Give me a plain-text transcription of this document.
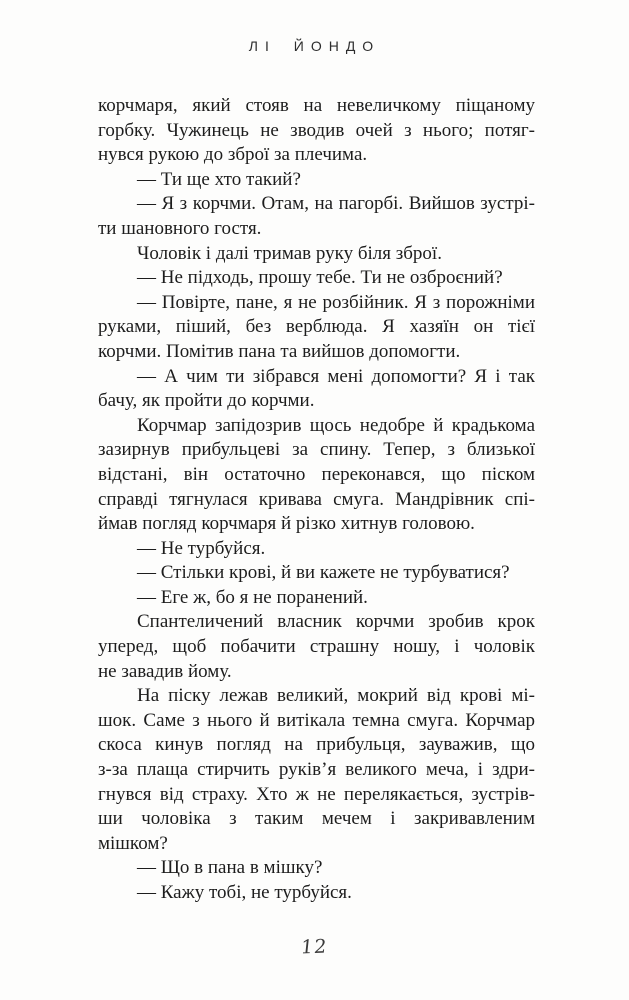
ЛІ ЙОНДО
корчмаря, який стояв на невеличкому піщаному
горбку. Чужинець не зводив очей з нього; потяг-
нувся рукою до зброї за плечима.
— Ти ще хто такий?
— Я з корчми. Отам, на пагорбі. Вийшов зустрі-
ти шановного гостя.
Чоловік і далі тримав руку біля зброї.
— Не підходь, прошу тебе. Ти не озброєний?
— Повірте, пане, я не розбійник. Я з порожніми
руками, піший, без верблюда. Я хазяїн он тієї
корчми. Помітив пана та вийшов допомогти.
— А чим ти зібрався мені допомогти? Я і так
бачу, як пройти до корчми.
Корчмар запідозрив щось недобре й крадькома
зазирнув прибульцеві за спину. Тепер, з близької
відстані, він остаточно переконався, що піском
справді тягнулася кривава смуга. Мандрівник спі-
ймав погляд корчмаря й різко хитнув головою.
— Не турбуйся.
— Стільки крові, й ви кажете не турбуватися?
— Еге ж, бо я не поранений.
Спантеличений власник корчми зробив крок
уперед, щоб побачити страшну ношу, і чоловік
не завадив йому.
На піску лежав великий, мокрий від крові мі-
шок. Саме з нього й витікала темна смуга. Корчмар
скоса кинув погляд на прибульця, зауважив, що
з-за плаща стирчить руків’я великого меча, і здри-
гнувся від страху. Хто ж не перелякається, зустрів-
ши чоловіка з таким мечем і закривавленим
мішком?
— Що в пана в мішку?
— Кажу тобі, не турбуйся.
12
